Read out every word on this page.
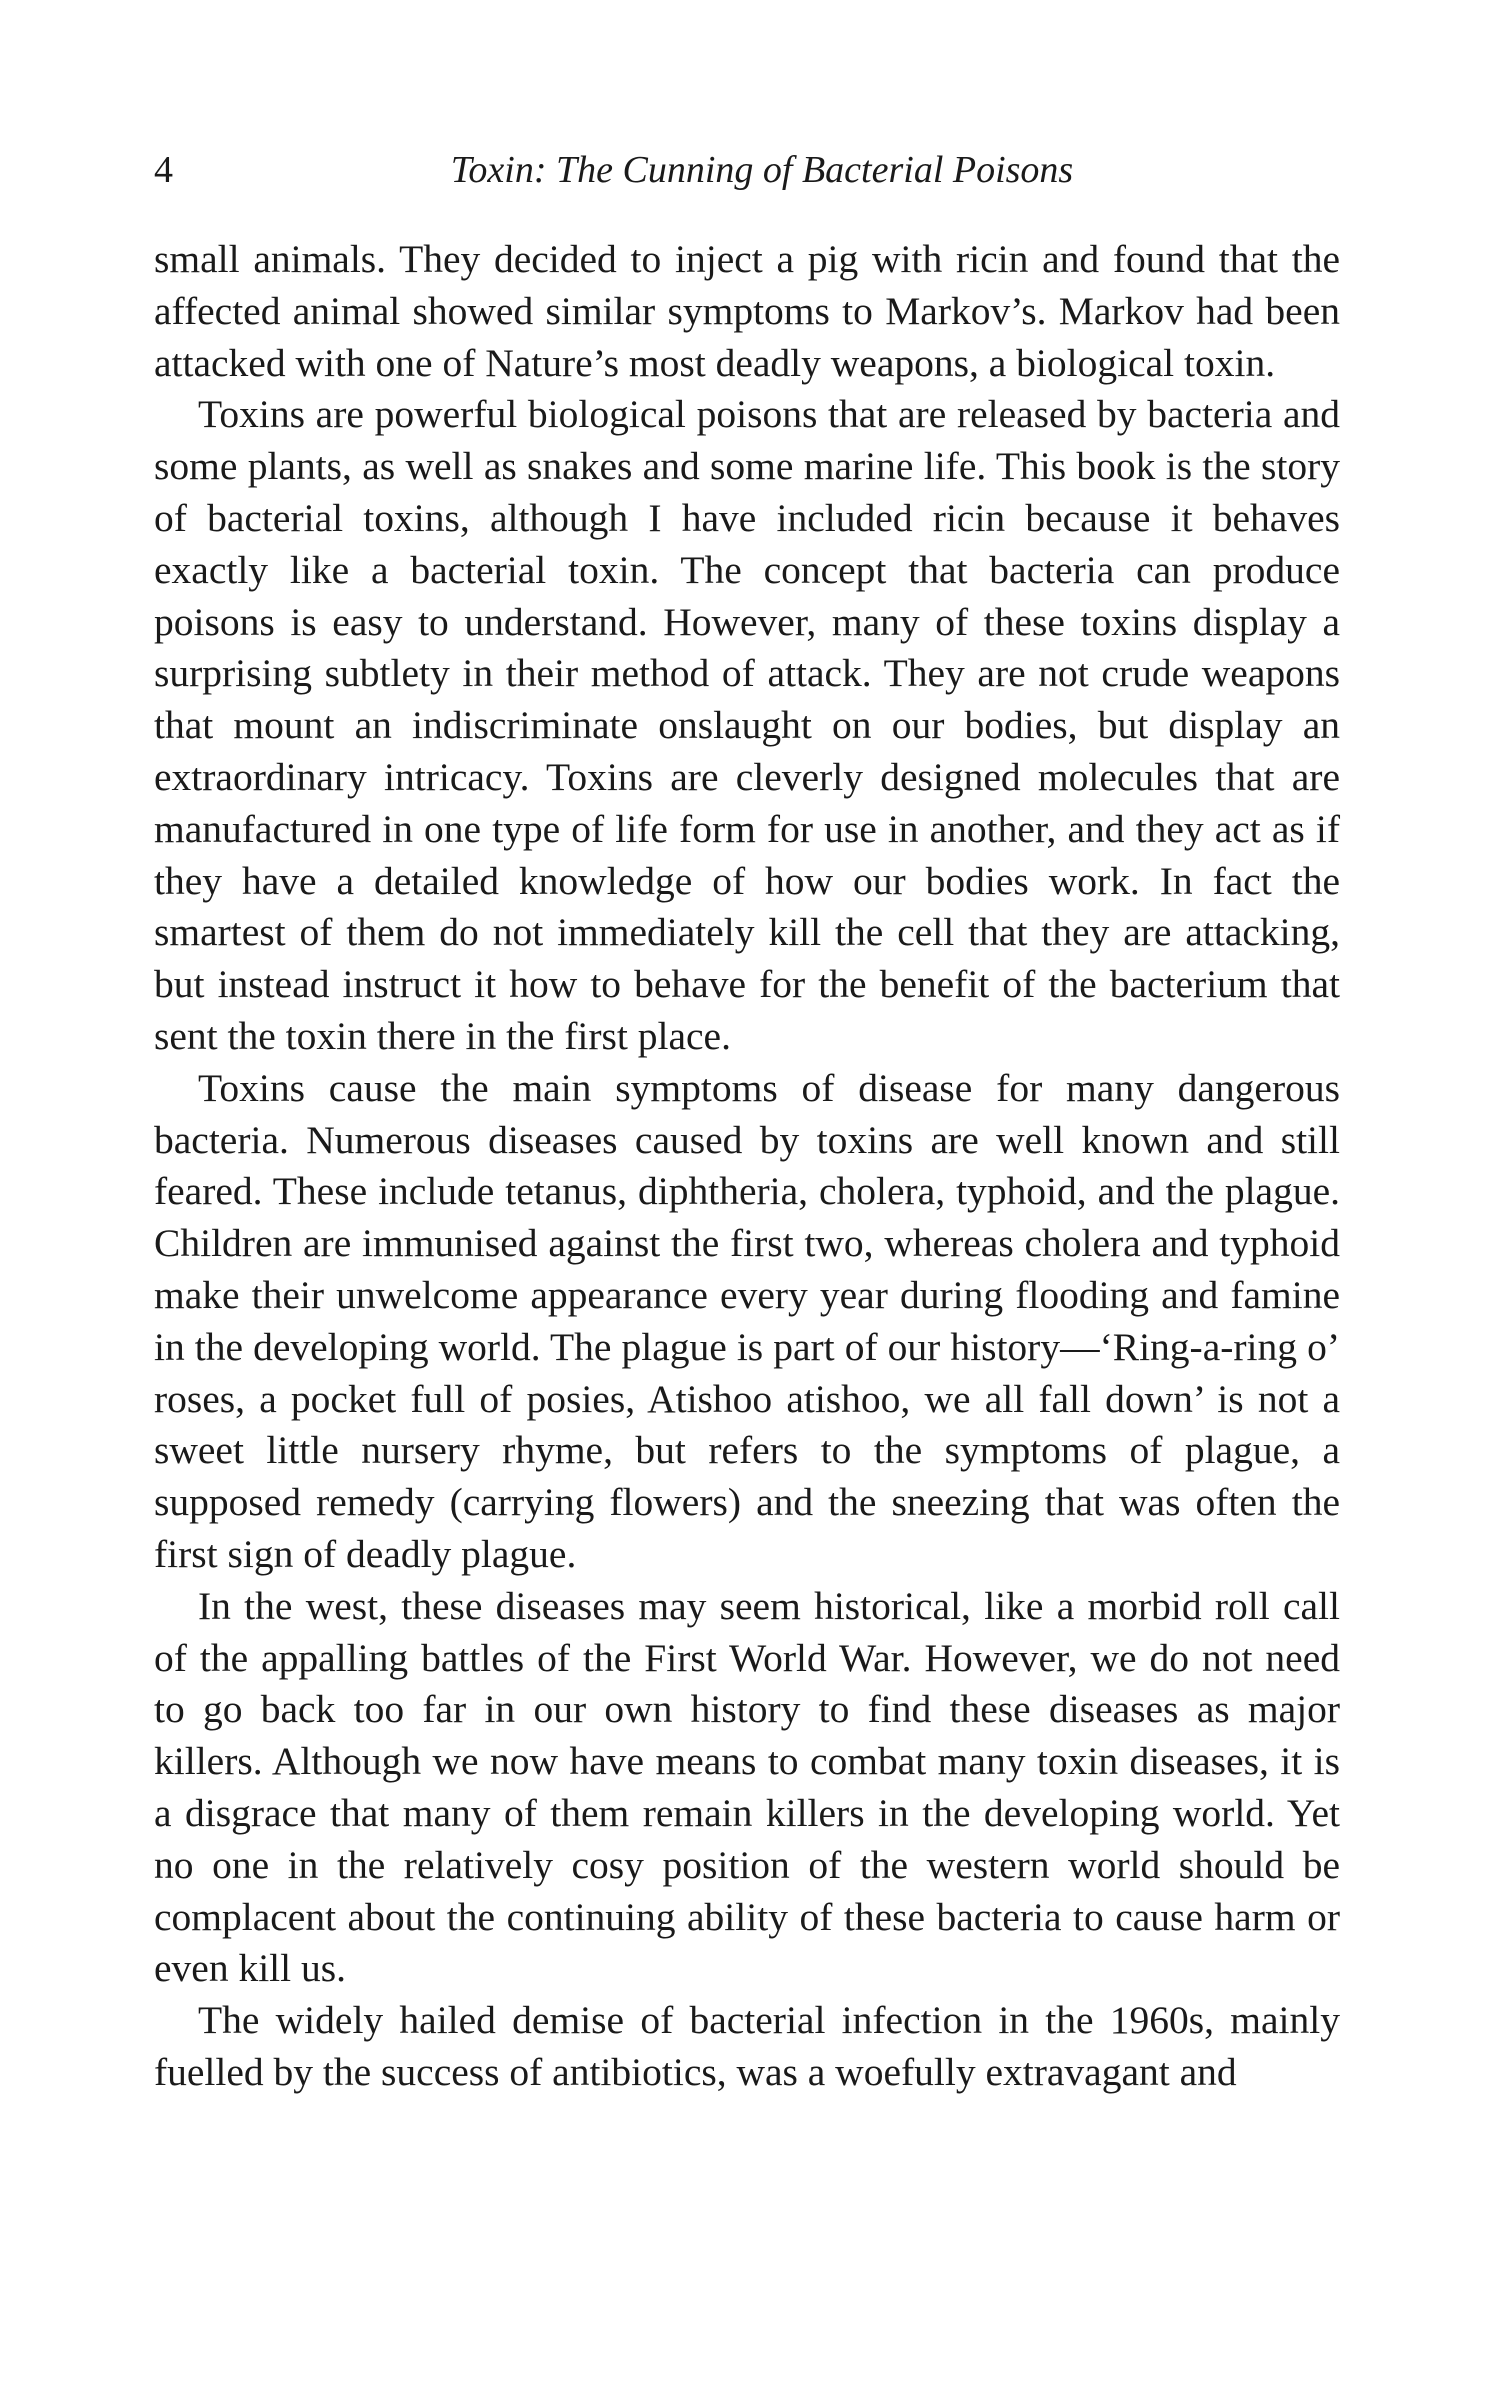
4	Toxin: The Cunning of Bacterial Poisons

small animals. They decided to inject a pig with ricin and found that the affected animal showed similar symptoms to Markov’s. Markov had been attacked with one of Nature’s most deadly weapons, a biological toxin.

Toxins are powerful biological poisons that are released by bacteria and some plants, as well as snakes and some marine life. This book is the story of bacterial toxins, although I have included ricin because it behaves exactly like a bacterial toxin. The concept that bacteria can produce poisons is easy to understand. However, many of these toxins display a surprising subtlety in their method of attack. They are not crude weapons that mount an indiscriminate onslaught on our bodies, but display an extraordinary intricacy. Toxins are cleverly designed molecules that are manufactured in one type of life form for use in another, and they act as if they have a detailed knowledge of how our bodies work. In fact the smartest of them do not immediately kill the cell that they are attacking, but instead instruct it how to behave for the benefit of the bacterium that sent the toxin there in the first place.

Toxins cause the main symptoms of disease for many dangerous bacteria. Numerous diseases caused by toxins are well known and still feared. These include tetanus, diphtheria, cholera, typhoid, and the plague. Children are immunised against the first two, whereas cholera and typhoid make their unwelcome appearance every year during flooding and famine in the developing world. The plague is part of our history—‘Ring-a-ring o’ roses, a pocket full of posies, Atishoo atishoo, we all fall down’ is not a sweet little nursery rhyme, but refers to the symptoms of plague, a supposed remedy (carrying flowers) and the sneezing that was often the first sign of deadly plague.

In the west, these diseases may seem historical, like a morbid roll call of the appalling battles of the First World War. However, we do not need to go back too far in our own history to find these diseases as major killers. Although we now have means to combat many toxin diseases, it is a disgrace that many of them remain killers in the developing world. Yet no one in the relatively cosy position of the western world should be complacent about the continuing ability of these bacteria to cause harm or even kill us.

The widely hailed demise of bacterial infection in the 1960s, mainly fuelled by the success of antibiotics, was a woefully extravagant and
